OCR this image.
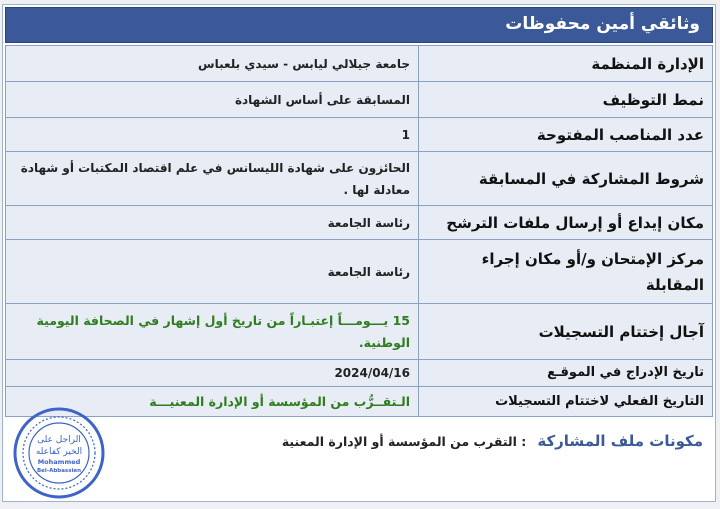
وثائقي أمين محفوظات
الإدارة المنظمة	جامعة جيلالي ليابس - سيدي بلعباس
نمط التوظيف	المسابقة على أساس الشهادة
عدد المناصب المفتوحة	1
شروط المشاركة في المسابقة	الحائزون على شهادة الليسانس في علم اقتصاد المكتبات أو شهادة معادلة لها .
مكان إيداع أو إرسال ملفات الترشح	رئاسة الجامعة
مركز الإمتحان و/أو مكان إجراء المقابلة	رئاسة الجامعة
آجال إختتام التسجيلات	15 يـــومـــاً إعتبـاراً من تاريخ أول إشهار في الصحافة اليومية الوطنية.
تاريخ الإدراج في الموقـع	2024/04/16
التاريخ الفعلي لاختتام التسجيلات	الـتقــرُّب من المؤسسة أو الإدارة المعنيـــة
مكونات ملف المشاركة : التقرب من المؤسسة أو الإدارة المعنية
الراجل على
الخير كفاعله
Mohammed
Bel-Abbassien
